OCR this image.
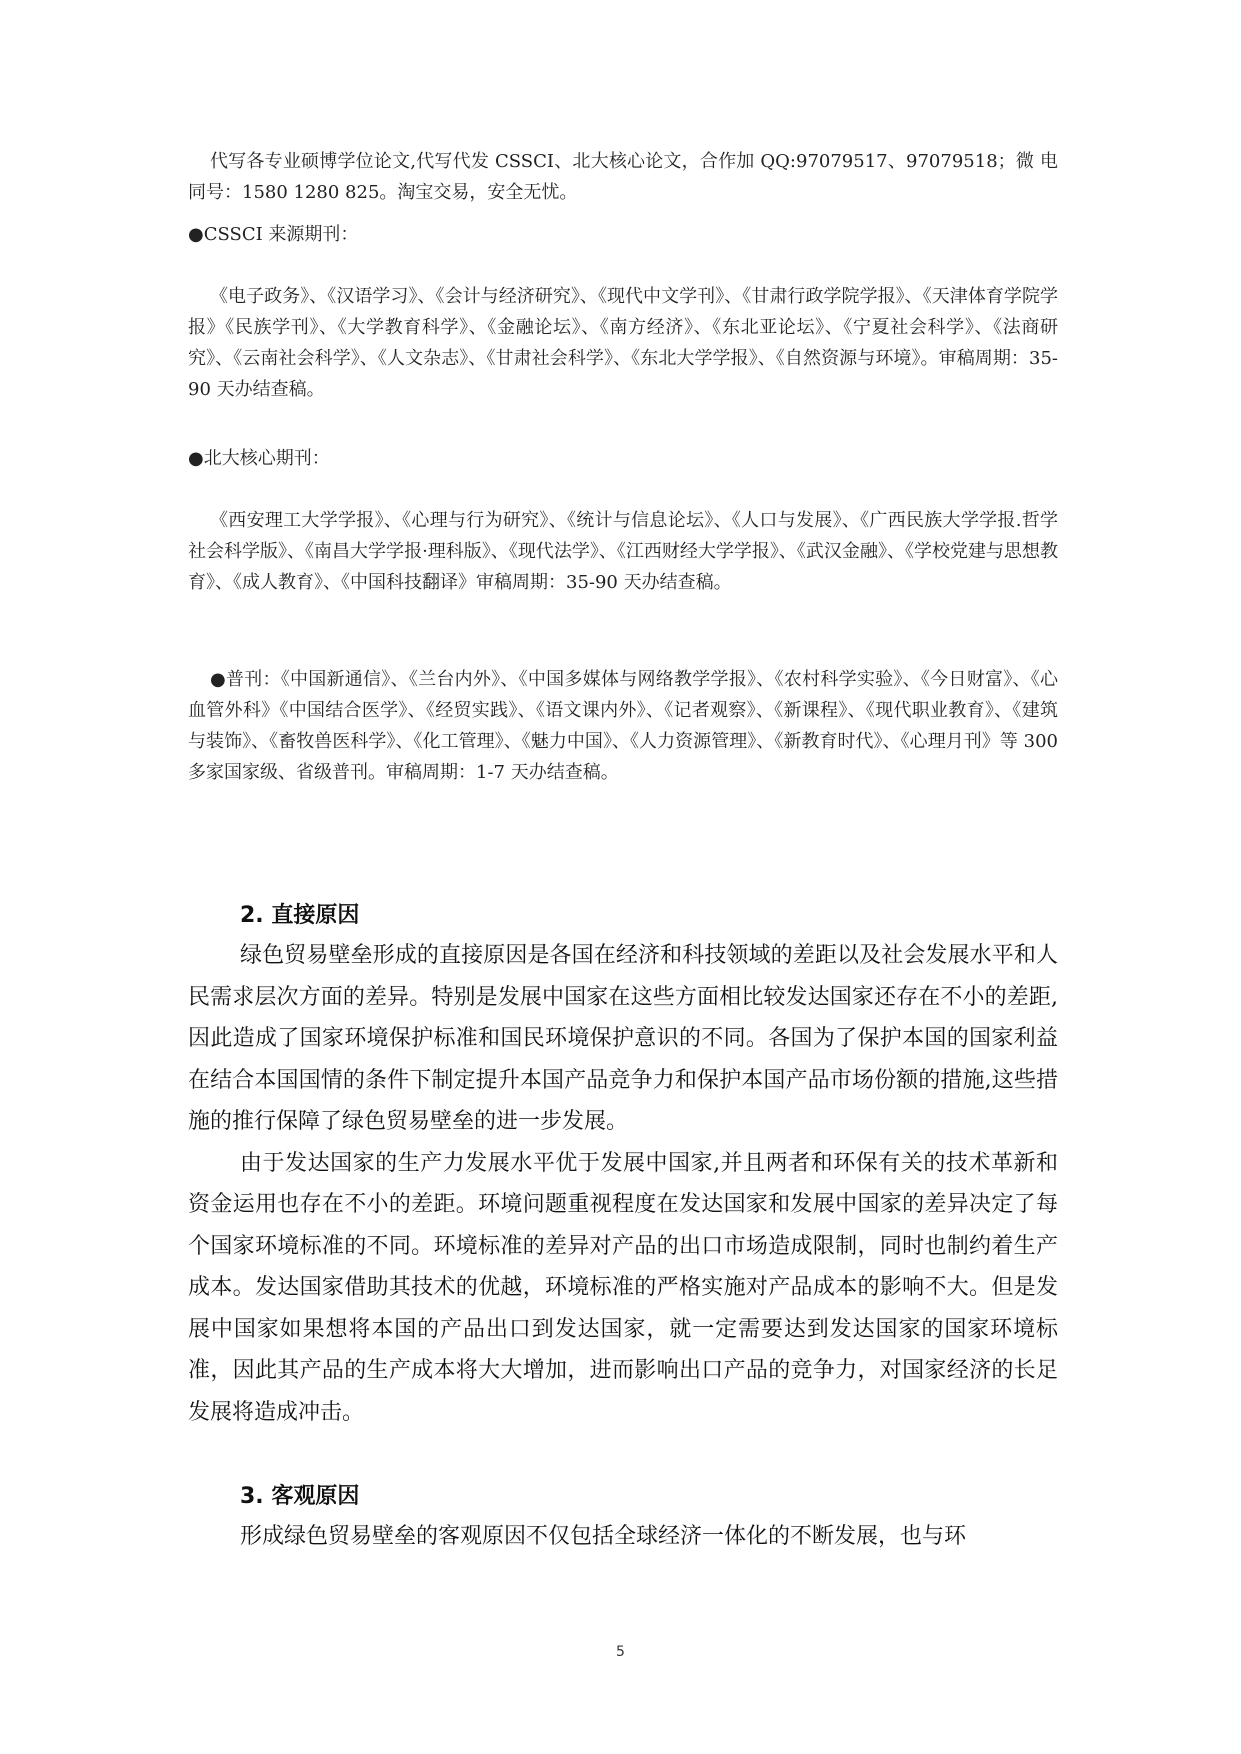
代写各专业硕博学位论文,代写代发 CSSCI、北大核心论文，合作加 QQ:97079517、97079518；微 电同号：1580 1280 825。淘宝交易，安全无忧。

●CSSCI 来源期刊：

《电子政务》、《汉语学习》、《会计与经济研究》、《现代中文学刊》、《甘肃行政学院学报》、《天津体育学院学报》《民族学刊》、《大学教育科学》、《金融论坛》、《南方经济》、《东北亚论坛》、《宁夏社会科学》、《法商研究》、《云南社会科学》、《人文杂志》、《甘肃社会科学》、《东北大学学报》、《自然资源与环境》。审稿周期：35-90 天办结查稿。

●北大核心期刊：

《西安理工大学学报》、《心理与行为研究》、《统计与信息论坛》、《人口与发展》、《广西民族大学学报.哲学社会科学版》、《南昌大学学报·理科版》、《现代法学》、《江西财经大学学报》、《武汉金融》、《学校党建与思想教育》、《成人教育》、《中国科技翻译》审稿周期：35-90 天办结查稿。

●普刊：《中国新通信》、《兰台内外》、《中国多媒体与网络教学学报》、《农村科学实验》、《今日财富》、《心血管外科》《中国结合医学》、《经贸实践》、《语文课内外》、《记者观察》、《新课程》、《现代职业教育》、《建筑与装饰》、《畜牧兽医科学》、《化工管理》、《魅力中国》、《人力资源管理》、《新教育时代》、《心理月刊》等 300 多家国家级、省级普刊。审稿周期：1-7 天办结查稿。

2. 直接原因

绿色贸易壁垒形成的直接原因是各国在经济和科技领域的差距以及社会发展水平和人民需求层次方面的差异。特别是发展中国家在这些方面相比较发达国家还存在不小的差距,因此造成了国家环境保护标准和国民环境保护意识的不同。各国为了保护本国的国家利益在结合本国国情的条件下制定提升本国产品竞争力和保护本国产品市场份额的措施,这些措施的推行保障了绿色贸易壁垒的进一步发展。

由于发达国家的生产力发展水平优于发展中国家,并且两者和环保有关的技术革新和资金运用也存在不小的差距。环境问题重视程度在发达国家和发展中国家的差异决定了每个国家环境标准的不同。环境标准的差异对产品的出口市场造成限制，同时也制约着生产成本。发达国家借助其技术的优越，环境标准的严格实施对产品成本的影响不大。但是发展中国家如果想将本国的产品出口到发达国家，就一定需要达到发达国家的国家环境标准，因此其产品的生产成本将大大增加，进而影响出口产品的竞争力，对国家经济的长足发展将造成冲击。

3. 客观原因

形成绿色贸易壁垒的客观原因不仅包括全球经济一体化的不断发展，也与环

5
